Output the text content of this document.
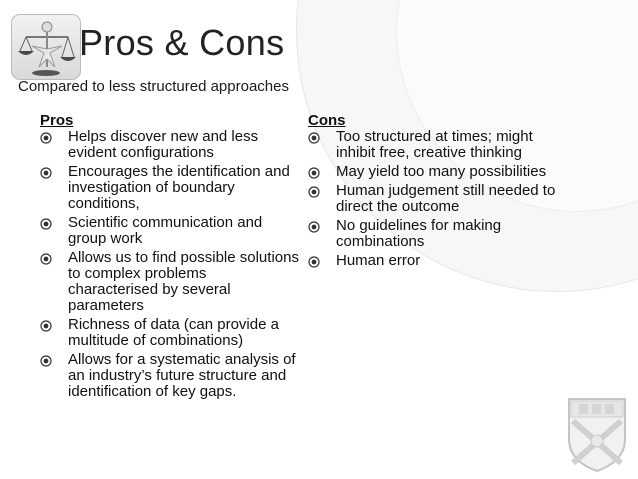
Pros & Cons
Compared to less structured approaches
Pros
Helps discover new and less evident configurations
Encourages the identification and investigation of boundary conditions,
Scientific communication and group work
Allows us to find possible solutions to complex problems characterised by several parameters
Richness of data (can provide a multitude of combinations)
Allows for a systematic analysis of an industry’s future structure and identification of key gaps.
Cons
Too structured at times; might inhibit free, creative thinking
May yield too many possibilities
Human judgement still needed to direct the outcome
No guidelines for making combinations
Human error
